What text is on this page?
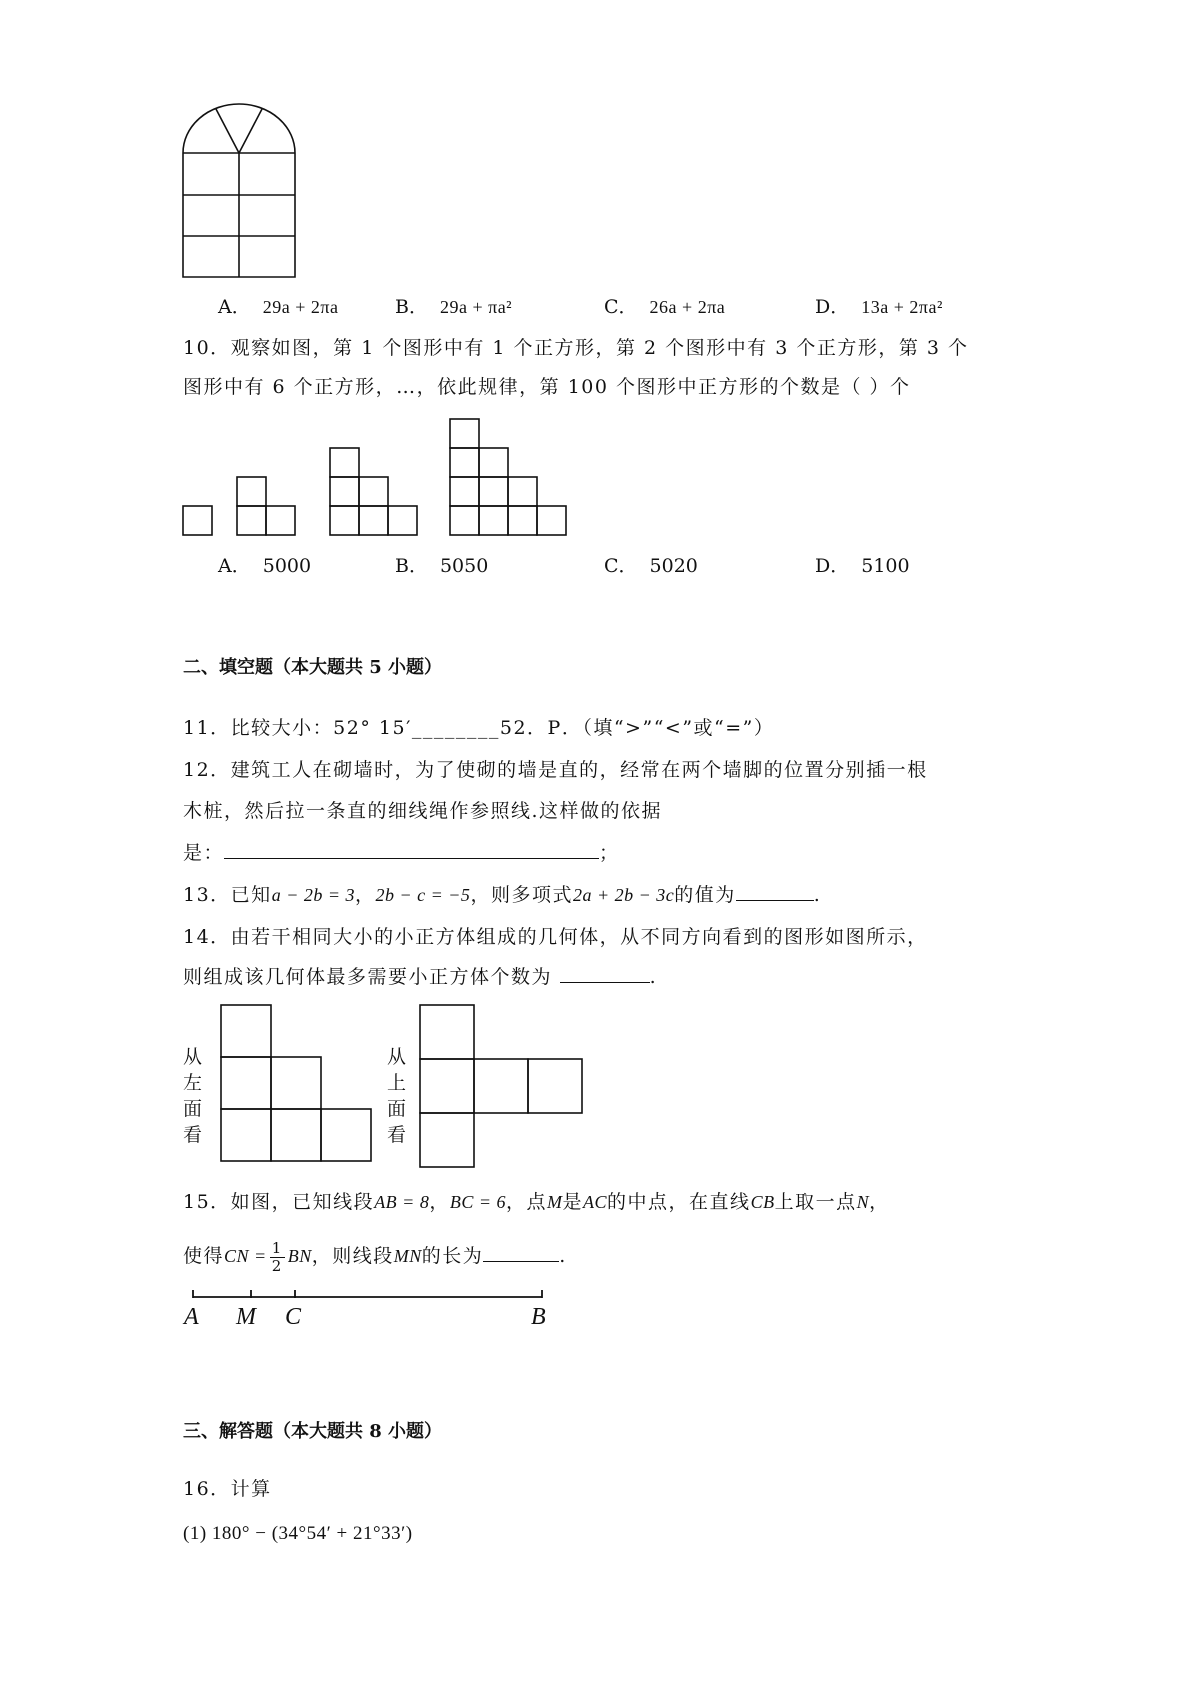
A． 29a + 2πa	B． 29a + πa²	C． 26a + 2πa	D． 13a + 2πa²
10．观察如图，第 1 个图形中有 1 个正方形，第 2 个图形中有 3 个正方形，第 3 个
图形中有 6 个正方形，…，依此规律，第 100 个图形中正方形的个数是（ ）个
A． 5000	B． 5050	C． 5020	D． 5100
二、填空题（本大题共 5 小题）
11．比较大小：52° 15′________52．P．（填“>”“<”或“=”）
12．建筑工人在砌墙时，为了使砌的墙是直的，经常在两个墙脚的位置分别插一根
木桩，然后拉一条直的细线绳作参照线.这样做的依据
是：	；
13．已知a − 2b = 3，2b − c = −5，则多项式2a + 2b − 3c的值为	.
14．由若干相同大小的小正方体组成的几何体，从不同方向看到的图形如图所示，
则组成该几何体最多需要小正方体个数为	.
从
左
面
看
从
上
面
看
15．如图，已知线段AB = 8，BC = 6，点M是AC的中点，在直线CB上取一点N，
使得CN = $\frac{1}{2}$ BN，则线段MN的长为	.
A M C	B
三、解答题（本大题共 8 小题）
16．计算
(1) 180° − (34°54′ + 21°33′)
